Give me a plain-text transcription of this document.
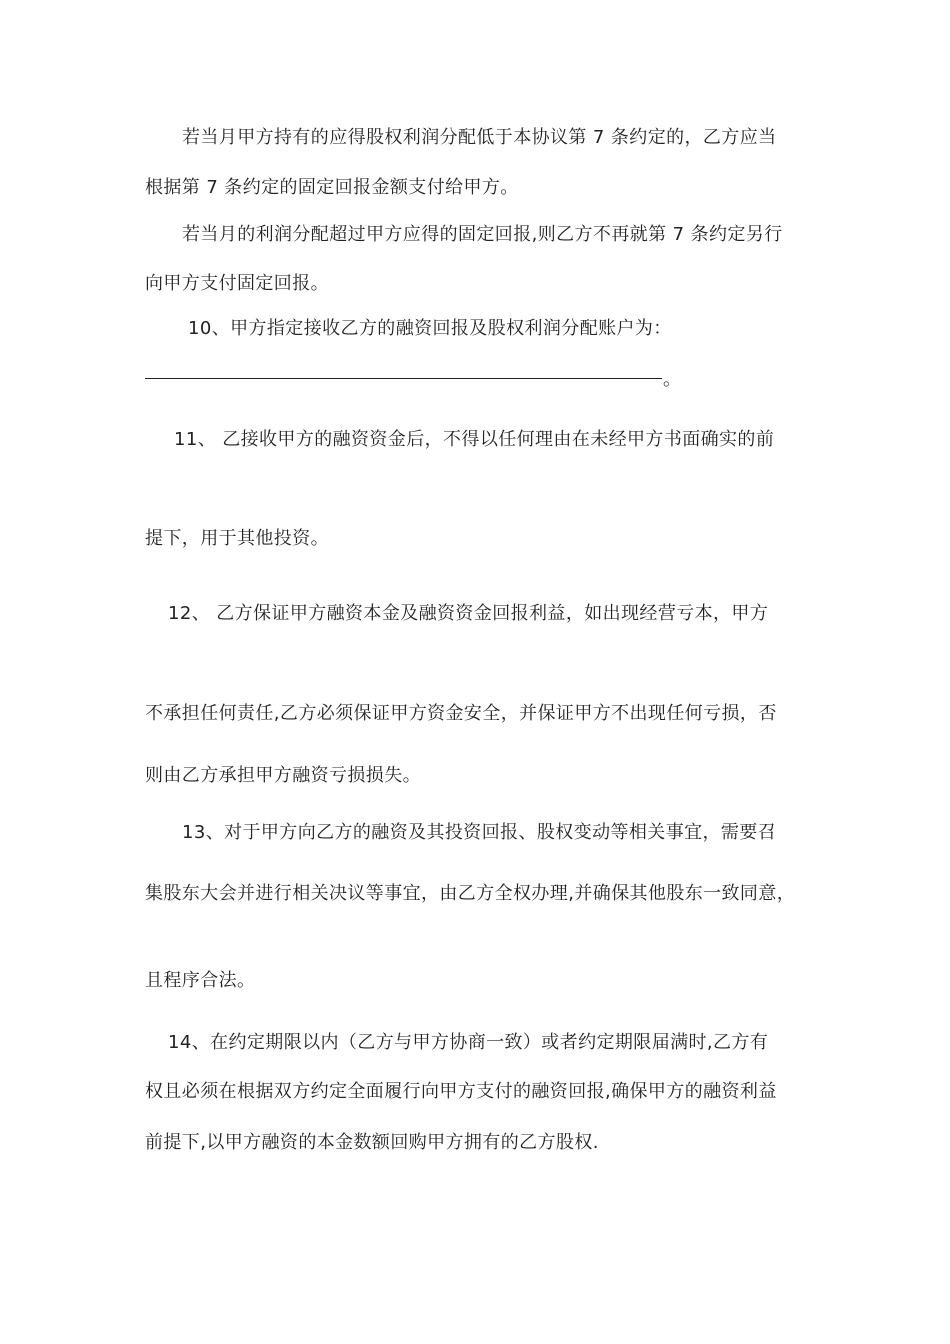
若当月甲方持有的应得股权利润分配低于本协议第 7 条约定的，乙方应当
根据第 7 条约定的固定回报金额支付给甲方。
若当月的利润分配超过甲方应得的固定回报,则乙方不再就第 7 条约定另行
向甲方支付固定回报。
10、甲方指定接收乙方的融资回报及股权利润分配账户为：
。
11、 乙接收甲方的融资资金后，不得以任何理由在未经甲方书面确实的前
提下，用于其他投资。
12、 乙方保证甲方融资本金及融资资金回报利益，如出现经营亏本，甲方
不承担任何责任,乙方必须保证甲方资金安全，并保证甲方不出现任何亏损，否
则由乙方承担甲方融资亏损损失。
13、对于甲方向乙方的融资及其投资回报、股权变动等相关事宜，需要召
集股东大会并进行相关决议等事宜，由乙方全权办理,并确保其他股东一致同意，
且程序合法。
14、在约定期限以内（乙方与甲方协商一致）或者约定期限届满时,乙方有
权且必须在根据双方约定全面履行向甲方支付的融资回报,确保甲方的融资利益
前提下,以甲方融资的本金数额回购甲方拥有的乙方股权.
